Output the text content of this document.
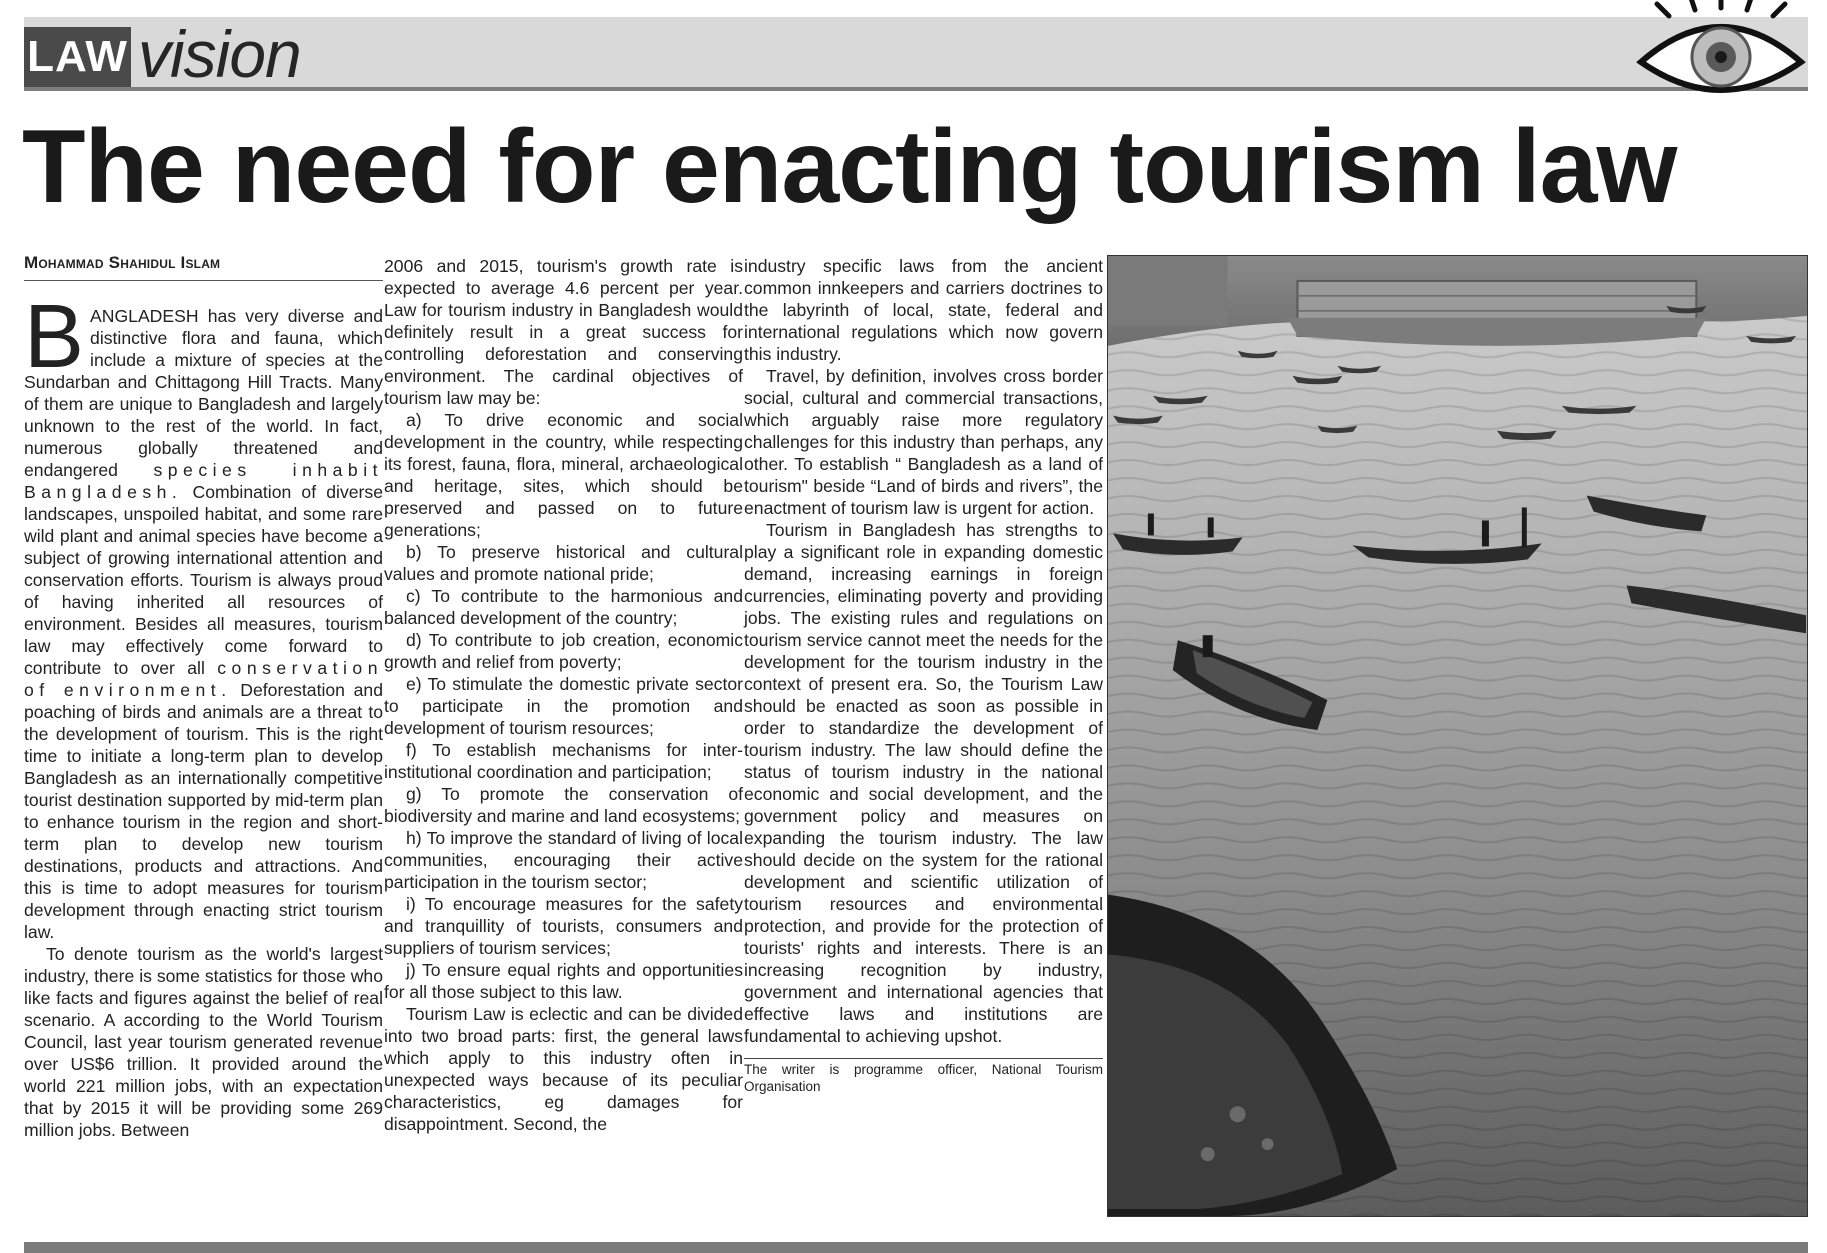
LAW vision
The need for enacting tourism law
Mohammad Shahidul Islam

BANGLADESH has very diverse and distinctive flora and fauna, which include a mixture of species at the Sundarban and Chittagong Hill Tracts. Many of them are unique to Bangladesh and largely unknown to the rest of the world. In fact, numerous globally threatened and endangered species inhabit Bangladesh. Combination of diverse landscapes, unspoiled habitat, and some rare wild plant and animal species have become a subject of growing international attention and conservation efforts. Tourism is always proud of having inherited all resources of environment. Besides all measures, tourism law may effectively come forward to contribute to over all conservation of environment. Deforestation and poaching of birds and animals are a threat to the development of tourism. This is the right time to initiate a long-term plan to develop Bangladesh as an internationally competitive tourist destination supported by mid-term plan to enhance tourism in the region and short-term plan to develop new tourism destinations, products and attractions. And this is time to adopt measures for tourism development through enacting strict tourism law.

To denote tourism as the world's largest industry, there is some statistics for those who like facts and figures against the belief of real scenario. A according to the World Tourism Council, last year tourism generated revenue over US$6 trillion. It provided around the world 221 million jobs, with an expectation that by 2015 it will be providing some 269 million jobs. Between

2006 and 2015, tourism's growth rate is expected to average 4.6 percent per year. Law for tourism industry in Bangladesh would definitely result in a great success for controlling deforestation and conserving environment. The cardinal objectives of tourism law may be:

a) To drive economic and social development in the country, while respecting its forest, fauna, flora, mineral, archaeological and heritage, sites, which should be preserved and passed on to future generations;

b) To preserve historical and cultural values and promote national pride;

c) To contribute to the harmonious and balanced development of the country;

d) To contribute to job creation, economic growth and relief from poverty;

e) To stimulate the domestic private sector to participate in the promotion and development of tourism resources;

f) To establish mechanisms for inter-institutional coordination and participation;

g) To promote the conservation of biodiversity and marine and land ecosystems;

h) To improve the standard of living of local communities, encouraging their active participation in the tourism sector;

i) To encourage measures for the safety and tranquillity of tourists, consumers and suppliers of tourism services;

j) To ensure equal rights and opportunities for all those subject to this law.

Tourism Law is eclectic and can be divided into two broad parts: first, the general laws which apply to this industry often in unexpected ways because of its peculiar characteristics, eg damages for disappointment. Second, the

industry specific laws from the ancient common innkeepers and carriers doctrines to the labyrinth of local, state, federal and international regulations which now govern this industry.

Travel, by definition, involves cross border social, cultural and commercial transactions, which arguably raise more regulatory challenges for this industry than perhaps, any other. To establish “ Bangladesh as a land of tourism" beside “Land of birds and rivers”, the enactment of tourism law is urgent for action.

Tourism in Bangladesh has strengths to play a significant role in expanding domestic demand, increasing earnings in foreign currencies, eliminating poverty and providing jobs. The existing rules and regulations on tourism service cannot meet the needs for the development for the tourism industry in the context of present era. So, the Tourism Law should be enacted as soon as possible in order to standardize the development of tourism industry. The law should define the status of tourism industry in the national economic and social development, and the government policy and measures on expanding the tourism industry. The law should decide on the system for the rational development and scientific utilization of tourism resources and environmental protection, and provide for the protection of tourists' rights and interests. There is an increasing recognition by industry, government and international agencies that effective laws and institutions are fundamental to achieving upshot.

The writer is programme officer, National Tourism Organisation
